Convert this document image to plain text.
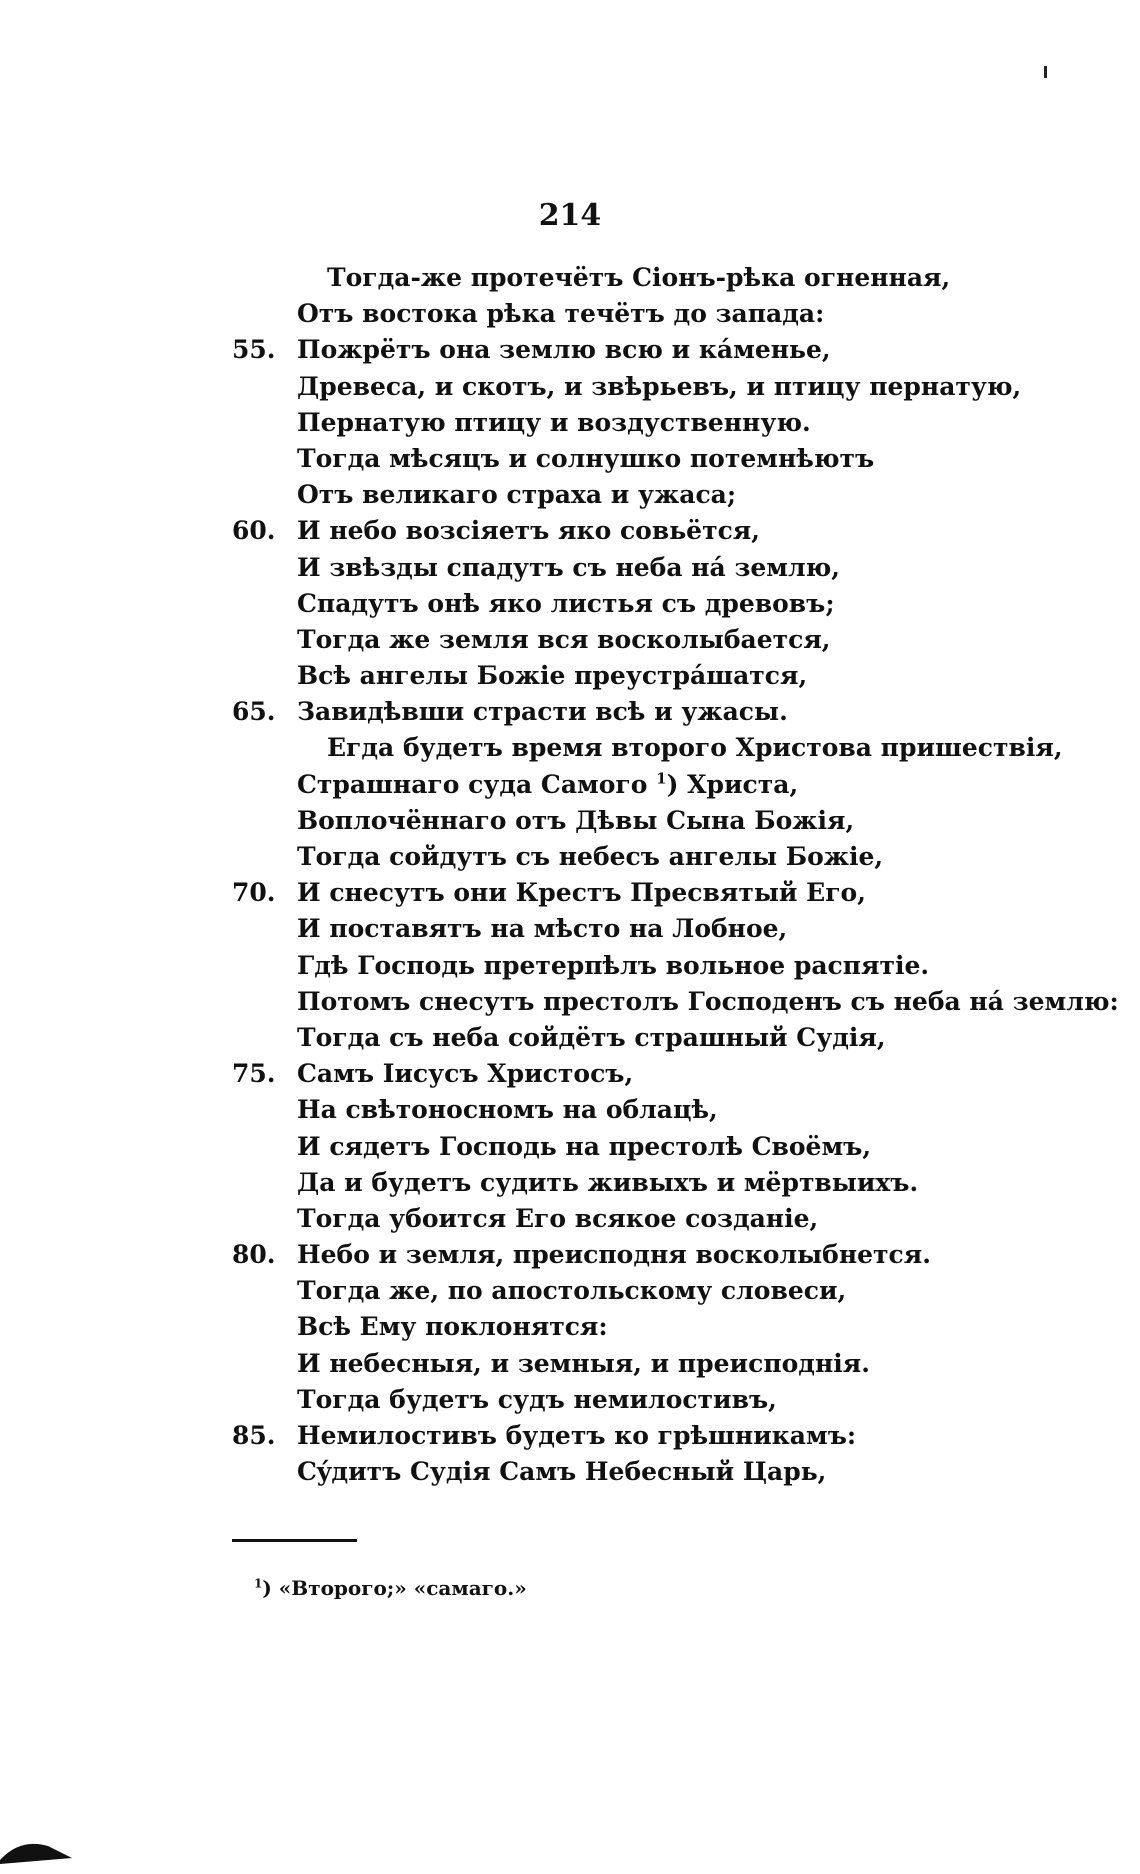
214
Тогда-же протечётъ Сіонъ-рѣка огненная,
Отъ востока рѣка течётъ до запада:
55. Пожрётъ она землю всю и кáменье,
Древеса, и скотъ, и звѣрьевъ, и птицу пернатую,
Пернатую птицу и воздуственную.
Тогда мѣсяцъ и солнушко потемнѣютъ
Отъ великаго страха и ужаса;
60. И небо возсіяетъ яко совьётся,
И звѣзды спадутъ съ неба нá землю,
Спадутъ онѣ яко листья съ древовъ;
Тогда же земля вся восколыбается,
Всѣ ангелы Божіе преустрáшатся,
65. Завидѣвши страсти всѣ и ужасы.
Егда будетъ время второго Христова пришествія,
Страшнаго суда Самого $^1$) Христа,
Воплочённаго отъ Дѣвы Сына Божія,
Тогда сойдутъ съ небесъ ангелы Божіе,
70. И снесутъ они Крестъ Пресвятый Его,
И поставятъ на мѣсто на Лобное,
Гдѣ Господь претерпѣлъ вольное распятіе.
Потомъ снесутъ престолъ Господенъ съ неба нá землю:
Тогда съ неба сойдётъ страшный Судія,
75. Самъ Іисусъ Христосъ,
На свѣтоносномъ на облацѣ,
И сядетъ Господь на престолѣ Своёмъ,
Да и будетъ судить живыхъ и мёртвыихъ.
Тогда убоится Его всякое созданіе,
80. Небо и земля, преисподня восколыбнется.
Тогда же, по апостольскому словеси,
Всѣ Ему поклонятся:
И небесныя, и земныя, и преисподнія.
Тогда будетъ судъ немилостивъ,
85. Немилостивъ будетъ ко грѣшникамъ:
Сýдитъ Судія Самъ Небесный Царь,
$^1$) «Второго;» «самаго.»
